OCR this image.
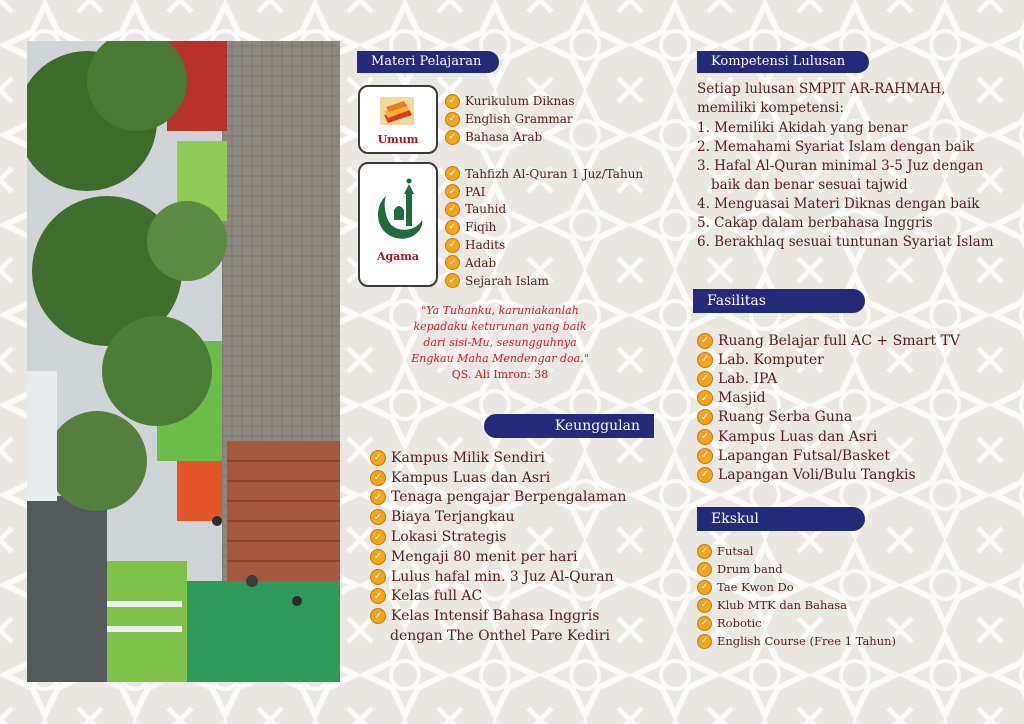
Materi Pelajaran
Umum
✓ Kurikulum Diknas
✓ English Grammar
✓ Bahasa Arab
Agama
✓ Tahfizh Al-Quran 1 Juz/Tahun
✓ PAI
✓ Tauhid
✓ Fiqih
✓ Hadits
✓ Adab
✓ Sejarah Islam
"Ya Tuhanku, karuniakanlah
kepadaku keturunan yang baik
dari sisi-Mu, sesungguhnya
Engkau Maha Mendengar doa."
QS. Ali Imron: 38
Keunggulan
✓ Kampus Milik Sendiri
✓ Kampus Luas dan Asri
✓ Tenaga pengajar Berpengalaman
✓ Biaya Terjangkau
✓ Lokasi Strategis
✓ Mengaji 80 menit per hari
✓ Lulus hafal min. 3 Juz Al-Quran
✓ Kelas full AC
✓ Kelas Intensif Bahasa Inggris
dengan The Onthel Pare Kediri
Kompetensi Lulusan
Setiap lulusan SMPIT AR-RAHMAH, memiliki kompetensi:
1. Memiliki Akidah yang benar
2. Memahami Syariat Islam dengan baik
3. Hafal Al-Quran minimal 3-5 Juz dengan baik dan benar sesuai tajwid
4. Menguasai Materi Diknas dengan baik
5. Cakap dalam berbahasa Inggris
6. Berakhlaq sesuai tuntunan Syariat Islam
Fasilitas
✓ Ruang Belajar full AC + Smart TV
✓ Lab. Komputer
✓ Lab. IPA
✓ Masjid
✓ Ruang Serba Guna
✓ Kampus Luas dan Asri
✓ Lapangan Futsal/Basket
✓ Lapangan Voli/Bulu Tangkis
Ekskul
✓ Futsal
✓ Drum band
✓ Tae Kwon Do
✓ Klub MTK dan Bahasa
✓ Robotic
✓ English Course (Free 1 Tahun)
